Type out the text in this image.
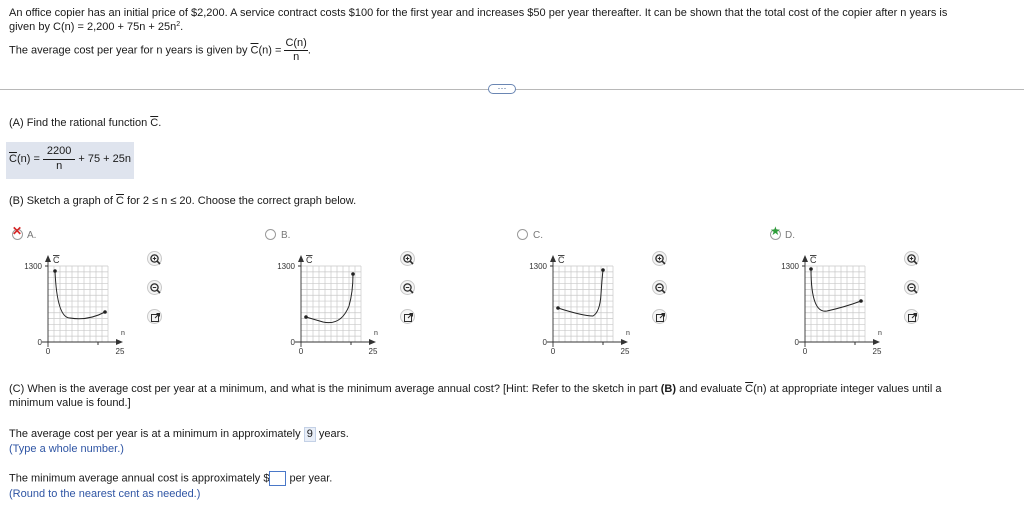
An office copier has an initial price of $2,200. A service contract costs $100 for the first year and increases $50 per year thereafter. It can be shown that the total cost of the copier after n years is
given by $C(n) = 2,200 + 75n + 25n^2$.
The average cost per year for n years is given by $\overline{C}(n) = \frac{C(n)}{n}$ .
···
(A) Find the rational function $\overline{C}$.
$\overline{C}(n) = \frac{2200}{n} + 75 + 25n$
(B) Sketch a graph of $\overline{C}$ for 2 ≤ n ≤ 20. Choose the correct graph below.
✕ A.	B.	C.	★ D.
C
1300
0
0	25
n
C
1300
0
0	25
n
C
1300
0
0	25
n
C
1300
0
0	25
n
(C) When is the average cost per year at a minimum, and what is the minimum average annual cost? [Hint: Refer to the sketch in part (B) and evaluate $\overline{C}(n)$ at appropriate integer values until a
minimum value is found.]
The average cost per year is at a minimum in approximately 9 years.
(Type a whole number.)
The minimum average annual cost is approximately $ per year.
(Round to the nearest cent as needed.)
